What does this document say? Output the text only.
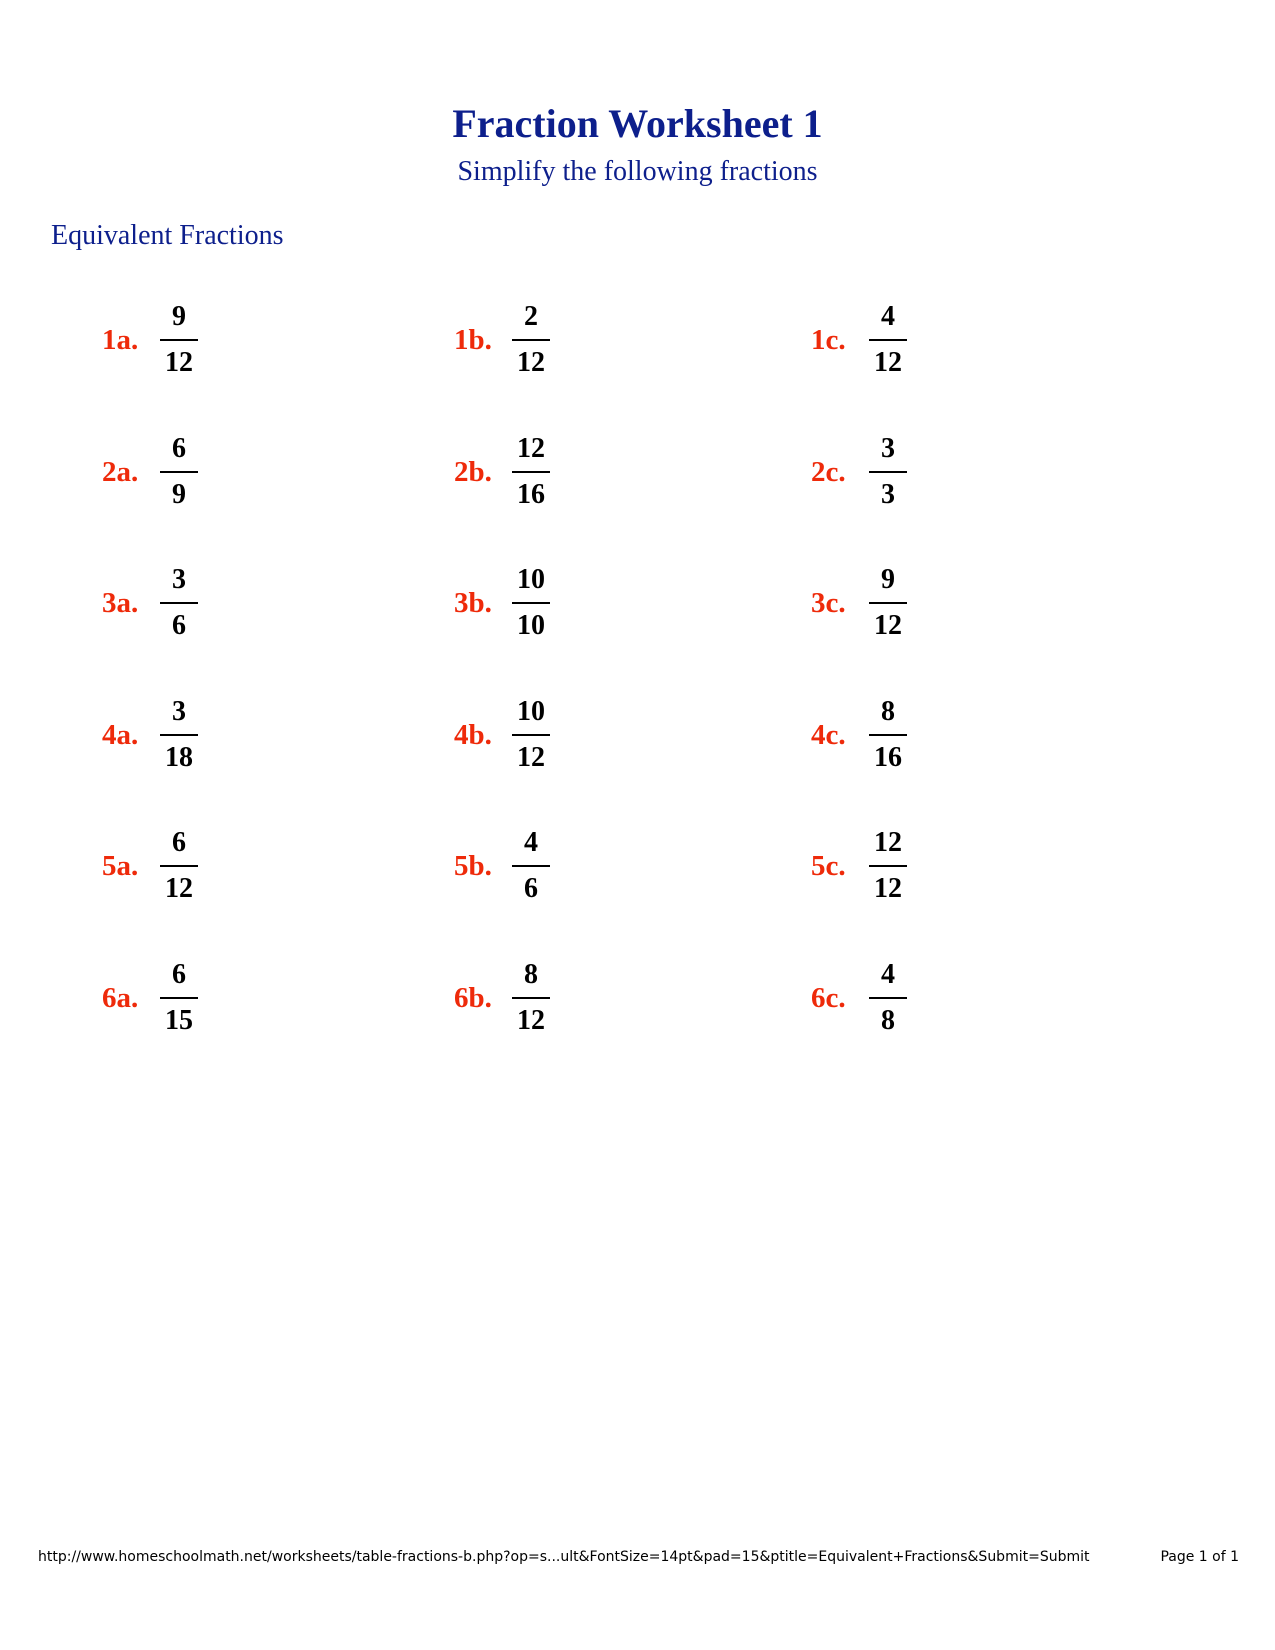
Fraction Worksheet 1
Simplify the following fractions
Equivalent Fractions
1a. $\frac{9}{12}$	1b. $\frac{2}{12}$	1c. $\frac{4}{12}$
2a. $\frac{6}{9}$	2b. $\frac{12}{16}$	2c. $\frac{3}{3}$
3a. $\frac{3}{6}$	3b. $\frac{10}{10}$	3c. $\frac{9}{12}$
4a. $\frac{3}{18}$	4b. $\frac{10}{12}$	4c. $\frac{8}{16}$
5a. $\frac{6}{12}$	5b. $\frac{4}{6}$	5c. $\frac{12}{12}$
6a. $\frac{6}{15}$	6b. $\frac{8}{12}$	6c. $\frac{4}{8}$
http://www.homeschoolmath.net/worksheets/table-fractions-b.php?op=s...ult&FontSize=14pt&pad=15&ptitle=Equivalent+Fractions&Submit=Submit	Page 1 of 1
